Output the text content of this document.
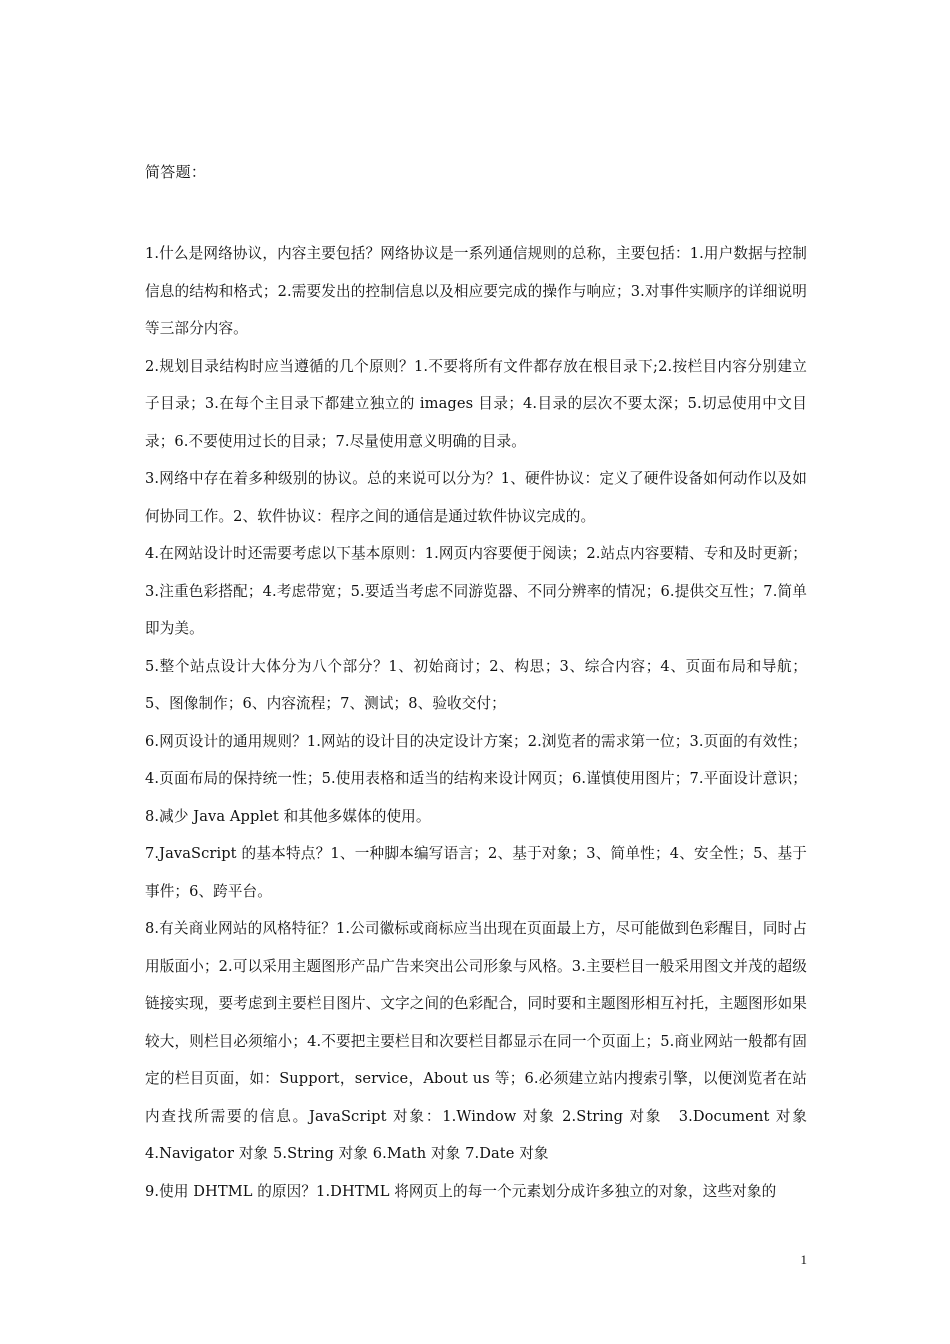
简答题：

1.什么是网络协议，内容主要包括？网络协议是一系列通信规则的总称，主要包括：1.用户数据与控制信息的结构和格式；2.需要发出的控制信息以及相应要完成的操作与响应；3.对事件实顺序的详细说明等三部分内容。

2.规划目录结构时应当遵循的几个原则？1.不要将所有文件都存放在根目录下;2.按栏目内容分别建立子目录；3.在每个主目录下都建立独立的 images 目录；4.目录的层次不要太深；5.切忌使用中文目录；6.不要使用过长的目录；7.尽量使用意义明确的目录。

3.网络中存在着多种级别的协议。总的来说可以分为？1、硬件协议：定义了硬件设备如何动作以及如何协同工作。2、软件协议：程序之间的通信是通过软件协议完成的。

4.在网站设计时还需要考虑以下基本原则：1.网页内容要便于阅读；2.站点内容要精、专和及时更新；3.注重色彩搭配；4.考虑带宽；5.要适当考虑不同游览器、不同分辨率的情况；6.提供交互性；7.简单即为美。

5.整个站点设计大体分为八个部分？1、初始商讨；2、构思；3、综合内容；4、页面布局和导航；5、图像制作；6、内容流程；7、测试；8、验收交付；

6.网页设计的通用规则？1.网站的设计目的决定设计方案；2.浏览者的需求第一位；3.页面的有效性；4.页面布局的保持统一性；5.使用表格和适当的结构来设计网页；6.谨慎使用图片；7.平面设计意识；8.减少 Java Applet 和其他多媒体的使用。

7.JavaScript 的基本特点？1、一种脚本编写语言；2、基于对象；3、简单性；4、安全性；5、基于事件；6、跨平台。

8.有关商业网站的风格特征？1.公司徽标或商标应当出现在页面最上方，尽可能做到色彩醒目，同时占用版面小；2.可以采用主题图形产品广告来突出公司形象与风格。3.主要栏目一般采用图文并茂的超级链接实现，要考虑到主要栏目图片、文字之间的色彩配合，同时要和主题图形相互衬托，主题图形如果较大，则栏目必须缩小；4.不要把主要栏目和次要栏目都显示在同一个页面上；5.商业网站一般都有固定的栏目页面，如：Support，service，About us 等；6.必须建立站内搜索引擎，以便浏览者在站内查找所需要的信息。JavaScript 对象：1.Window 对象 2.String 对象　3.Document 对象　4.Navigator 对象 5.String 对象 6.Math 对象 7.Date 对象

9.使用 DHTML 的原因？1.DHTML 将网页上的每一个元素划分成许多独立的对象，这些对象的

1
